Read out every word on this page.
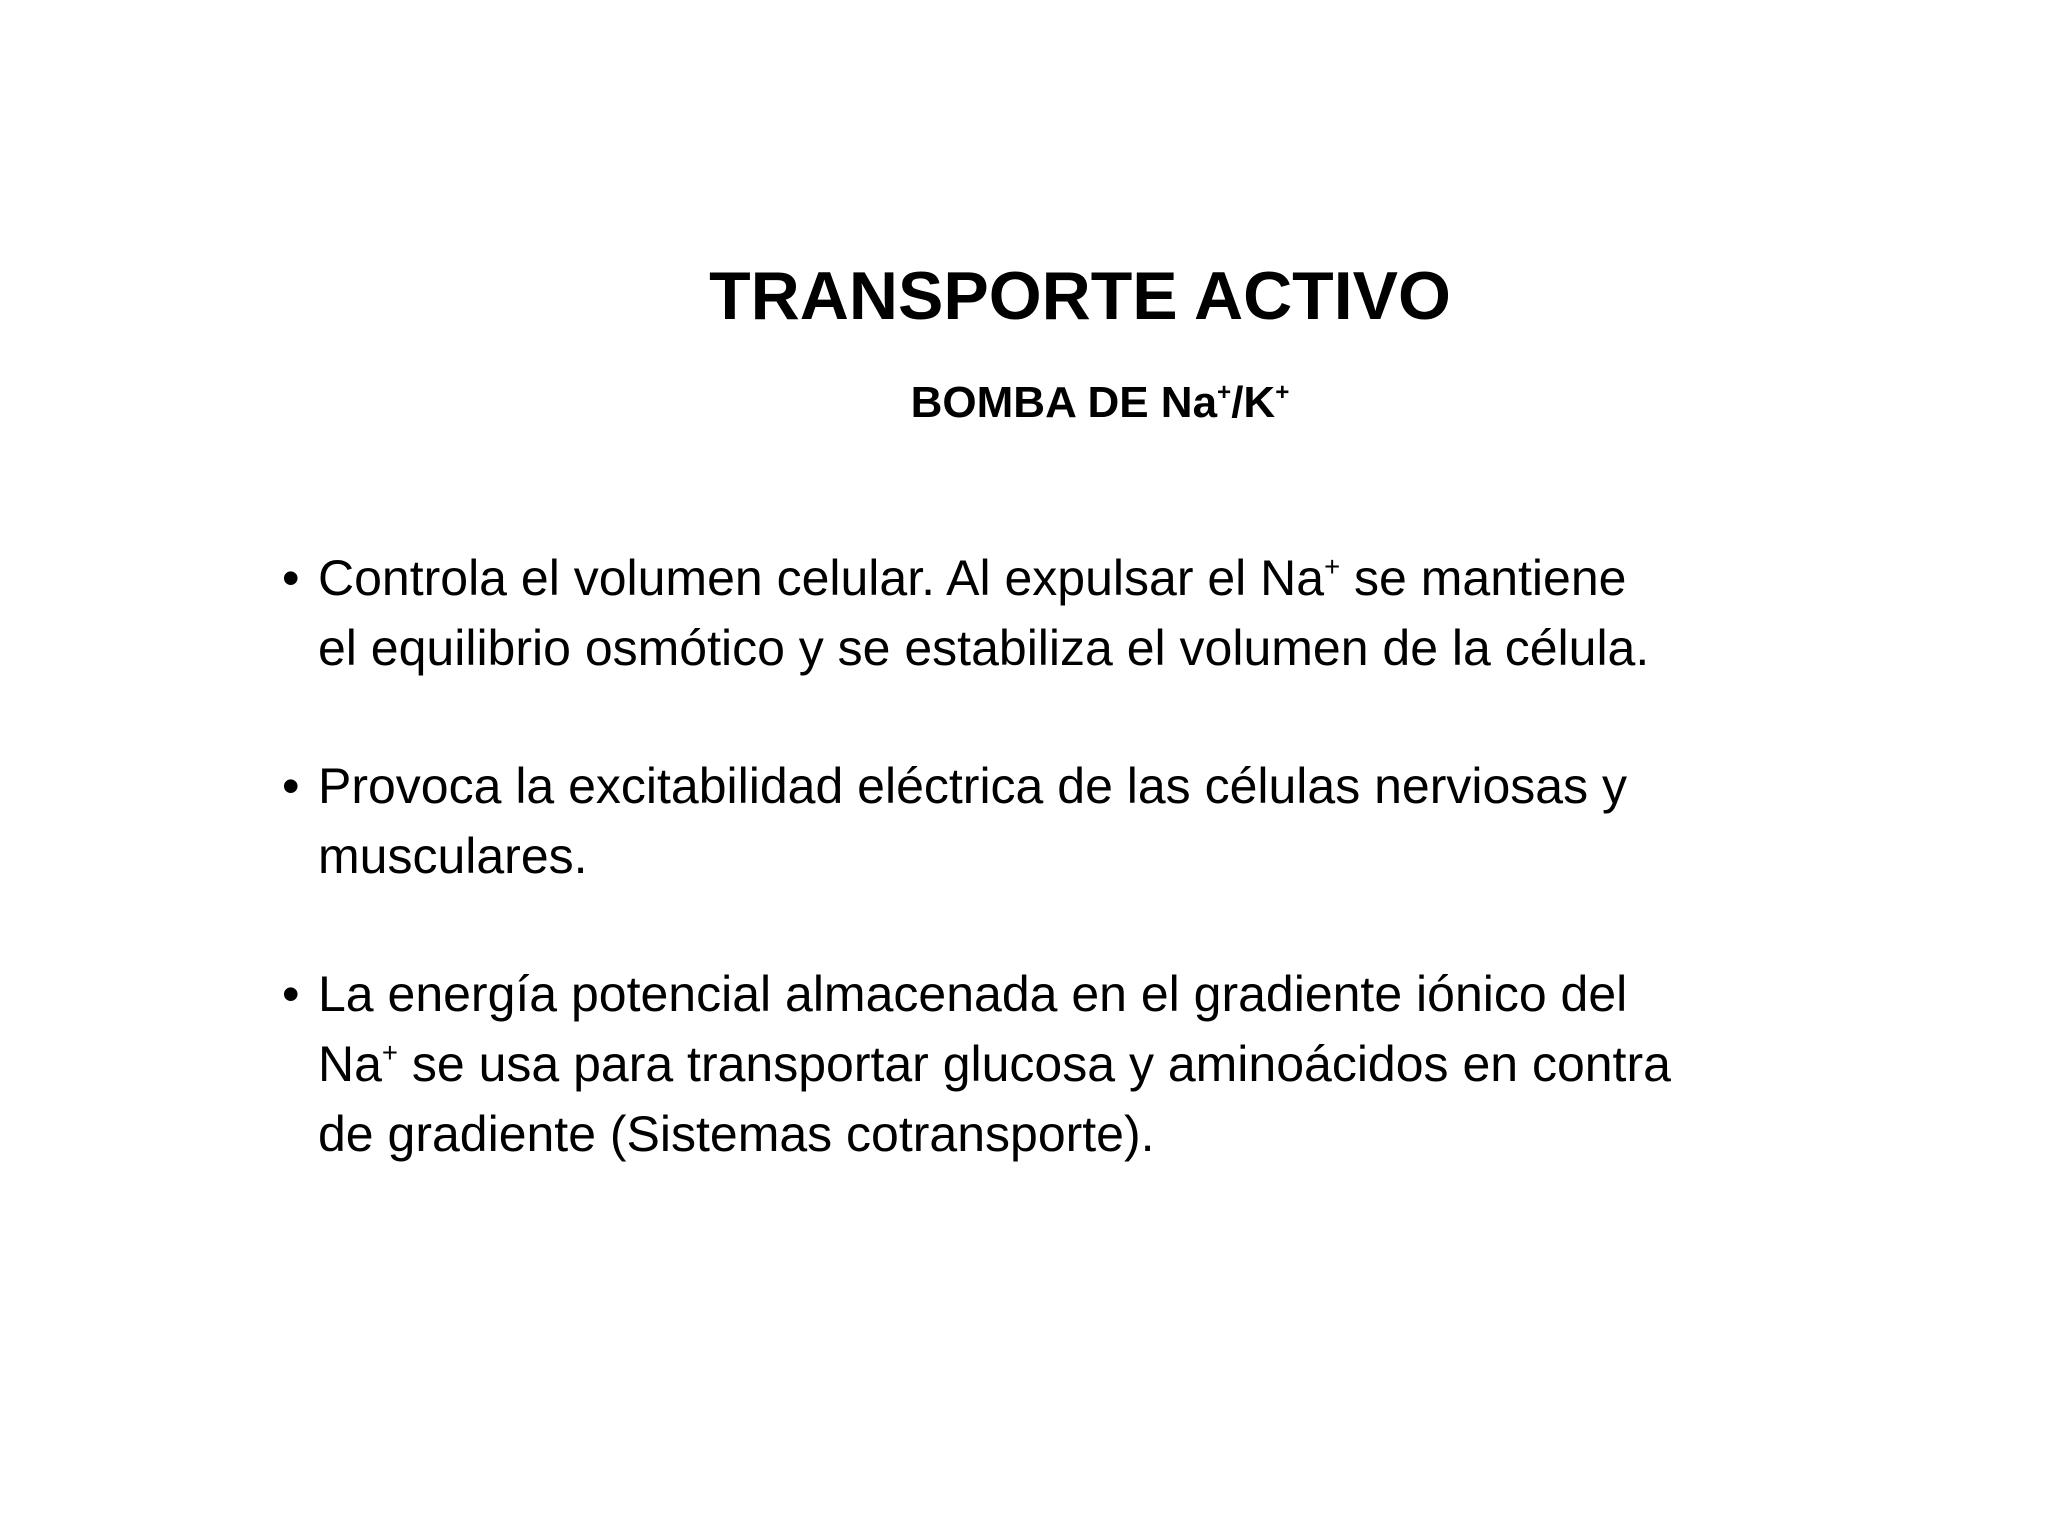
TRANSPORTE ACTIVO
BOMBA DE Na+/K+
• Controla el volumen celular. Al expulsar el Na+ se mantiene
el equilibrio osmótico y se estabiliza el volumen de la célula.
• Provoca la excitabilidad eléctrica de las células nerviosas y
musculares.
• La energía potencial almacenada en el gradiente iónico del
Na+ se usa para transportar glucosa y aminoácidos en contra
de gradiente (Sistemas cotransporte).
